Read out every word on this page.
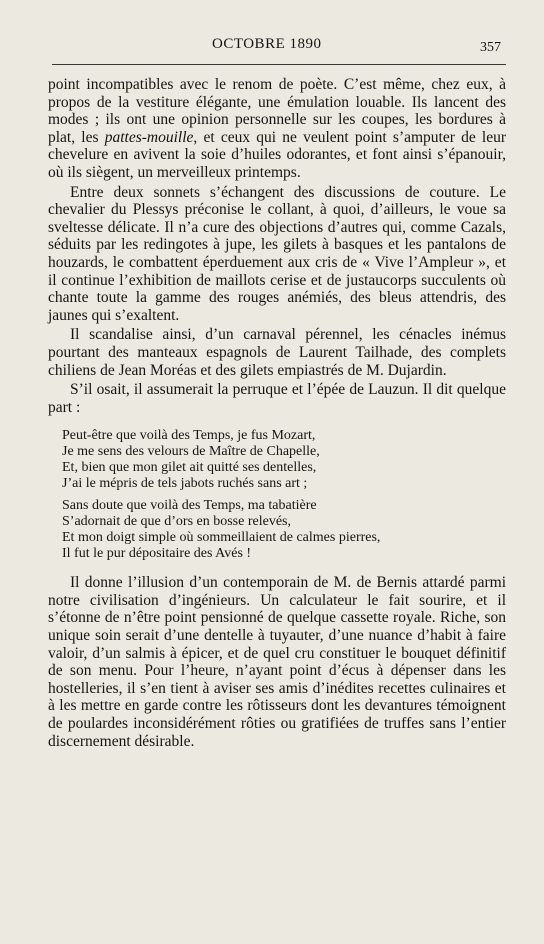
OCTOBRE 1890	357

point incompatibles avec le renom de poète. C’est même, chez eux, à propos de la vestiture élégante, une émulation louable. Ils lancent des modes ; ils ont une opinion personnelle sur les coupes, les bordures à plat, les pattes-mouille, et ceux qui ne veulent point s’amputer de leur chevelure en avivent la soie d’huiles odorantes, et font ainsi s’épanouir, où ils siègent, un merveilleux printemps.

Entre deux sonnets s’échangent des discussions de couture. Le chevalier du Plessys préconise le collant, à quoi, d’ailleurs, le voue sa sveltesse délicate. Il n’a cure des objections d’autres qui, comme Cazals, séduits par les redingotes à jupe, les gilets à basques et les pantalons de houzards, le combattent éperduement aux cris de « Vive l’Ampleur », et il continue l’exhibition de maillots cerise et de justaucorps succulents où chante toute la gamme des rouges anémiés, des bleus attendris, des jaunes qui s’exaltent.

Il scandalise ainsi, d’un carnaval pérennel, les cénacles inémus pourtant des manteaux espagnols de Laurent Tailhade, des complets chiliens de Jean Moréas et des gilets empiastrés de M. Dujardin.

S’il osait, il assumerait la perruque et l’épée de Lauzun. Il dit quelque part :

Peut-être que voilà des Temps, je fus Mozart,
Je me sens des velours de Maître de Chapelle,
Et, bien que mon gilet ait quitté ses dentelles,
J’ai le mépris de tels jabots ruchés sans art ;
Sans doute que voilà des Temps, ma tabatière
S’adornait de que d’ors en bosse relevés,
Et mon doigt simple où sommeillaient de calmes pierres,
Il fut le pur dépositaire des Avés !

Il donne l’illusion d’un contemporain de M. de Bernis attardé parmi notre civilisation d’ingénieurs. Un calculateur le fait sourire, et il s’étonne de n’être point pensionné de quelque cassette royale. Riche, son unique soin serait d’une dentelle à tuyauter, d’une nuance d’habit à faire valoir, d’un salmis à épicer, et de quel cru constituer le bouquet définitif de son menu. Pour l’heure, n’ayant point d’écus à dépenser dans les hostelleries, il s’en tient à aviser ses amis d’inédites recettes culinaires et à les mettre en garde contre les rôtisseurs dont les devantures témoignent de poulardes inconsidérément rôties ou gratifiées de truffes sans l’entier discernement désirable.
